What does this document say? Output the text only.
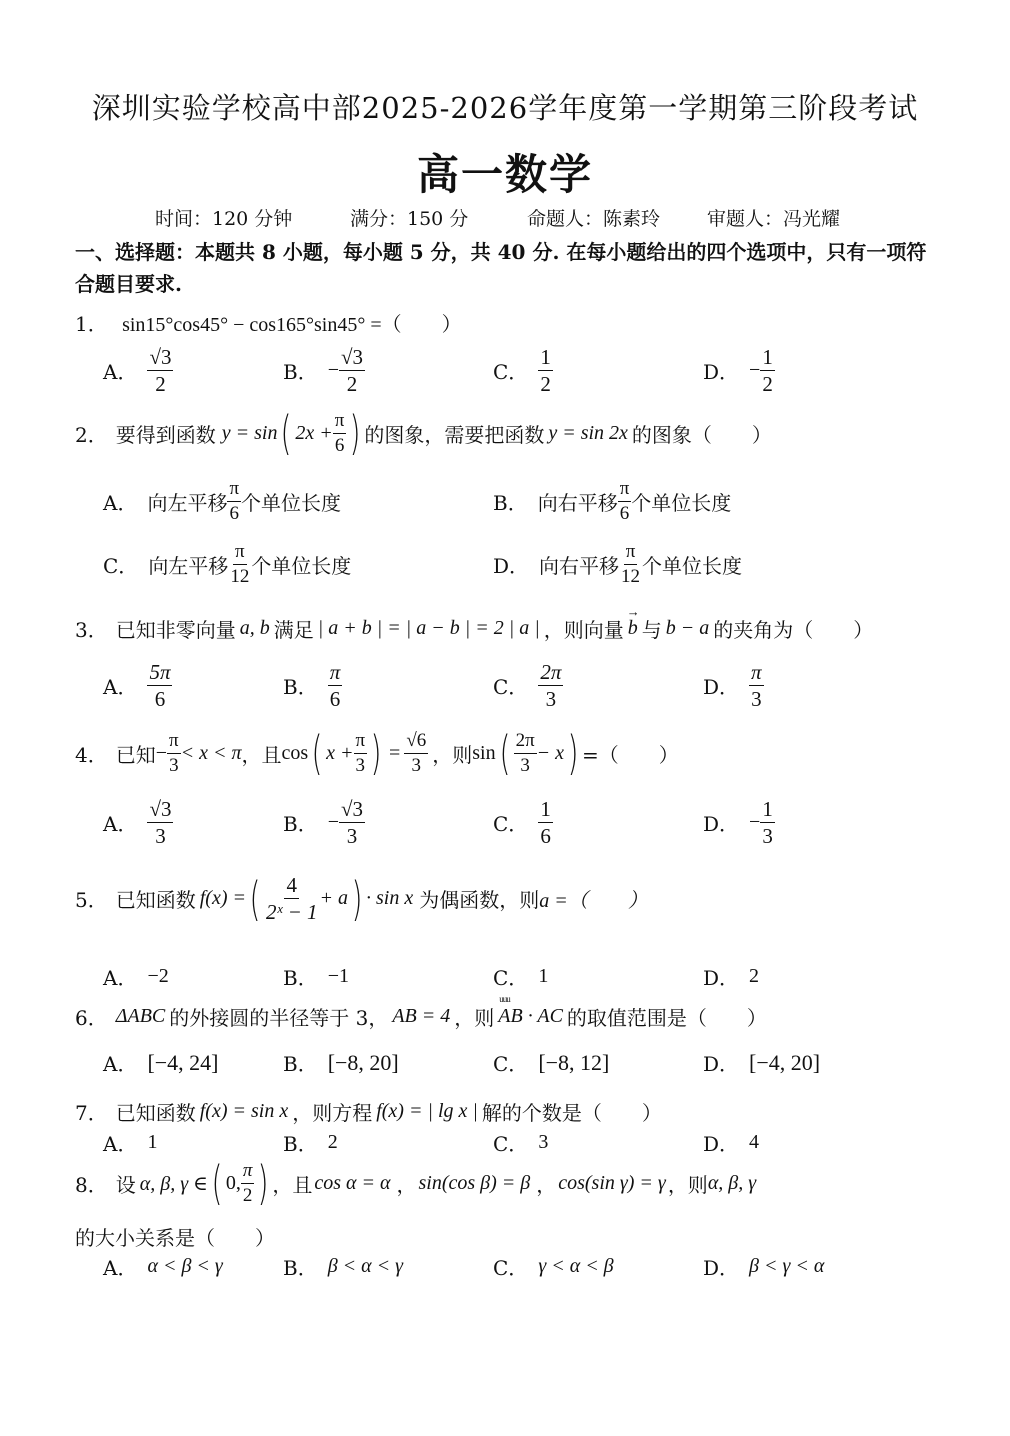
深圳实验学校高中部2025-2026学年度第一学期第三阶段考试
高一数学
时间：120 分钟	满分：150 分	命题人：陈素玲 审题人：冯光耀
一、选择题：本题共 8 小题，每小题 5 分，共 40 分. 在每小题给出的四个选项中，只有一项符
合题目要求.
1． sin15°cos45° − cos165°sin45° =（　　）
A． $\frac{√3}{2}$	B． − $\frac{√3}{2}$	C． $\frac{1}{2}$	D． − $\frac{1}{2}$
2． 要得到函数 y = sin ( $2x + \frac{\pi}{6}$ ) 的图象，需要把函数 y = sin 2x 的图象（　　）
A． 向左平移 $\frac{\pi}{6}$ 个单位长度	B． 向右平移 $\frac{\pi}{6}$ 个单位长度
C． 向左平移 $\frac{\pi}{12}$ 个单位长度	D． 向右平移 $\frac{\pi}{12}$ 个单位长度
3． 已知非零向量 a, b 满足 | a + b | = | a − b | = 2 | a | ，则向量 → b 与 b − a 的夹角为（　　）
A． $\frac{5\pi}{6}$	B． $\frac{\pi}{6}$	C． $\frac{2\pi}{3}$	D． $\frac{\pi}{3}$
4． 已知 − $\frac{\pi}{3} < x < \pi$ ，且 cos ( $x + \frac{\pi}{3}$ ) = $\frac{√6}{3}$ ，则 sin ( $\frac{2\pi}{3} - x$ ) =（　　）
A． $\frac{√3}{3}$	B． − $\frac{√3}{3}$	C． $\frac{1}{6}$	D． − $\frac{1}{3}$
5． 已知函数 f(x) = ( $\frac{4}{\text{2ˣ − 1}} + a$ ) · sin x 为偶函数，则 a =（　　）
A． −2	B． −1	C． 1	D． 2
6． ΔABC 的外接圆的半径等于 3， AB = 4 ，则 uuu AB · AC 的取值范围是（　　）
A． [−4, 24]	B． [−8, 20]	C． [−8, 12]	D． [−4, 20]
7． 已知函数 f(x) = sin x ，则方程 f(x) = | lg x | 解的个数是（　　）
A． 1	B． 2	C． 3	D． 4
8． 设 α, β, γ ∈ ( 0, $\frac{\pi}{2}$ ) ，且 cos α = α ， sin(cos β) = β ， cos(sin γ) = γ ，则 α, β, γ
的大小关系是（　　）
A． α < β < γ	B． β < α < γ	C． γ < α < β	D． β < γ < α
